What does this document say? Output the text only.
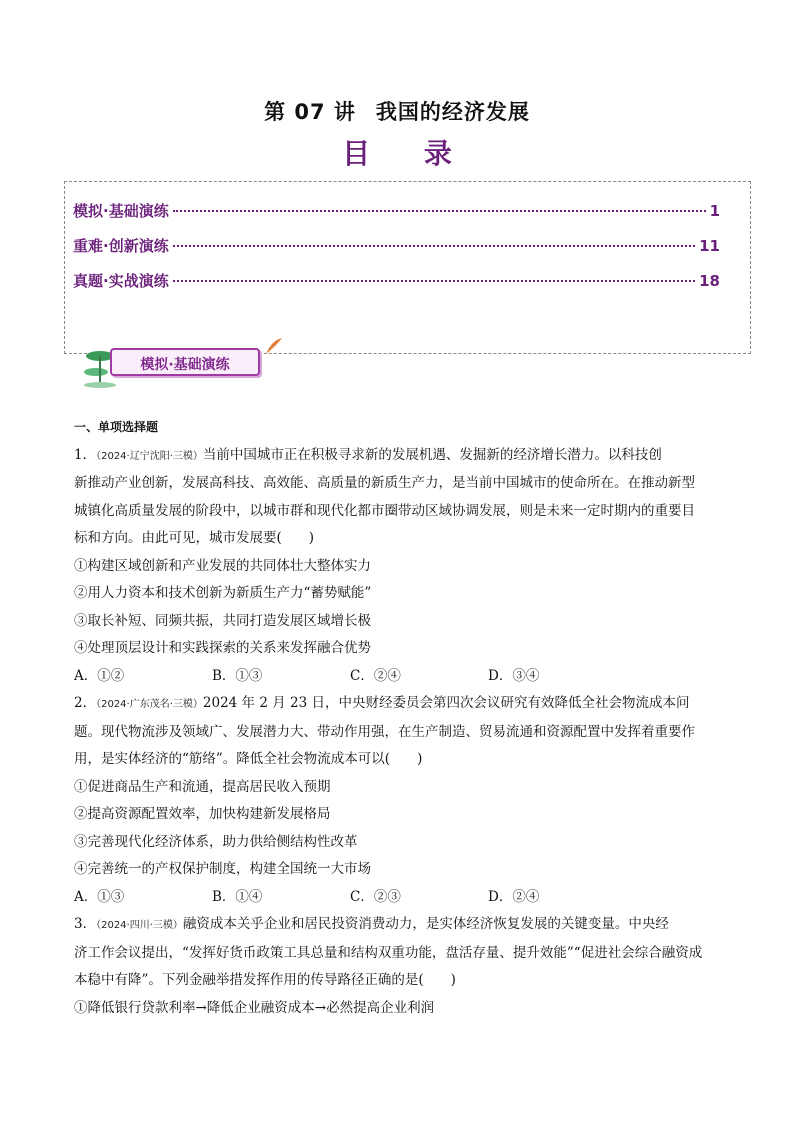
第 07 讲 我国的经济发展
目 录
模拟·基础演练	1
重难·创新演练	11
真题·实战演练	18
模拟·基础演练

一、单项选择题

1．（2024·辽宁沈阳·三模）当前中国城市正在积极寻求新的发展机遇、发掘新的经济增长潜力。以科技创

新推动产业创新，发展高科技、高效能、高质量的新质生产力，是当前中国城市的使命所在。在推动新型

城镇化高质量发展的阶段中，以城市群和现代化都市圈带动区域协调发展，则是未来一定时期内的重要目

标和方向。由此可见，城市发展要(　　)

①构建区域创新和产业发展的共同体壮大整体实力

②用人力资本和技术创新为新质生产力“蓄势赋能”

③取长补短、同频共振，共同打造发展区域增长极

④处理顶层设计和实践探索的关系来发挥融合优势

A．①②	B．①③	C．②④	D．③④

2．（2024·广东茂名·三模）2024 年 2 月 23 日，中央财经委员会第四次会议研究有效降低全社会物流成本问

题。现代物流涉及领域广、发展潜力大、带动作用强，在生产制造、贸易流通和资源配置中发挥着重要作

用，是实体经济的“筋络”。降低全社会物流成本可以(　　)

①促进商品生产和流通，提高居民收入预期

②提高资源配置效率，加快构建新发展格局

③完善现代化经济体系，助力供给侧结构性改革

④完善统一的产权保护制度，构建全国统一大市场

A．①③	B．①④	C．②③	D．②④

3．（2024·四川·三模）融资成本关乎企业和居民投资消费动力，是实体经济恢复发展的关键变量。中央经

济工作会议提出，“发挥好货币政策工具总量和结构双重功能，盘活存量、提升效能”“促进社会综合融资成

本稳中有降”。下列金融举措发挥作用的传导路径正确的是(　　)

①降低银行贷款利率→降低企业融资成本→必然提高企业利润
